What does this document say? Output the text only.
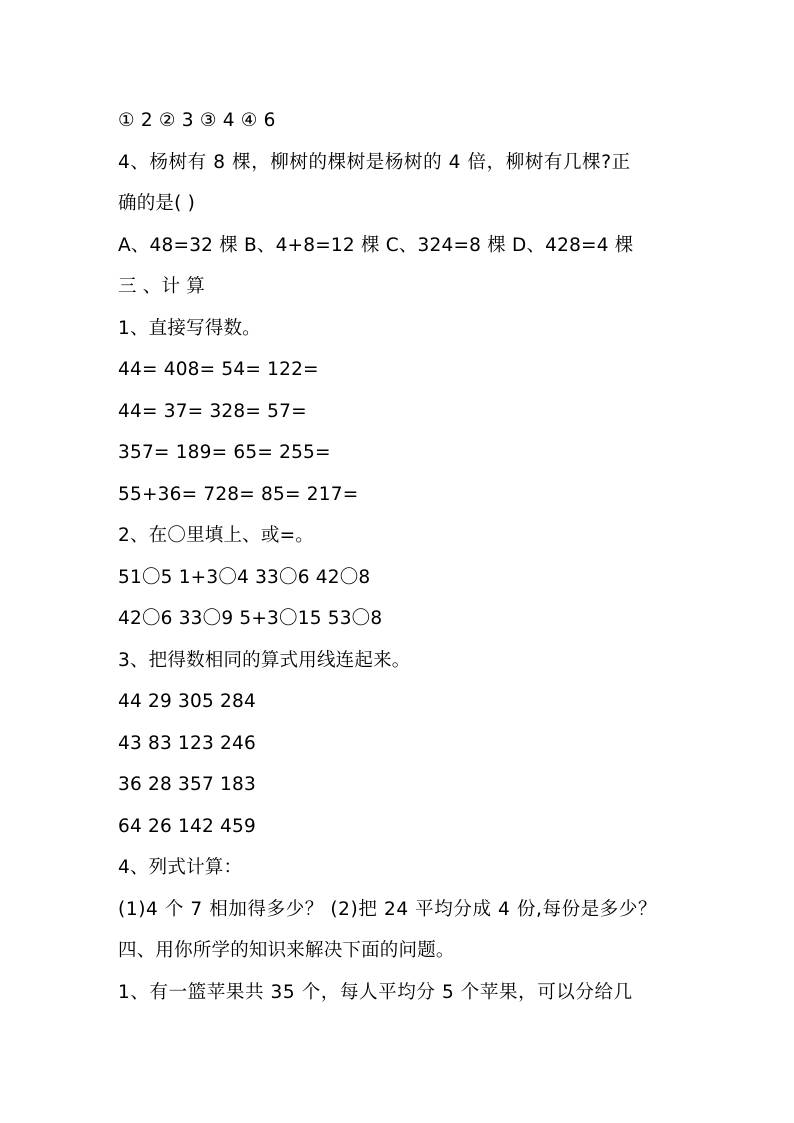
① 2 ② 3 ③ 4 ④ 6
4、杨树有 8 棵，柳树的棵树是杨树的 4 倍，柳树有几棵?正
确的是( )
A、48=32 棵 B、4+8=12 棵 C、324=8 棵 D、428=4 棵
三 、计 算
1、直接写得数。
44= 408= 54= 122=
44= 37= 328= 57=
357= 189= 65= 255=
55+36= 728= 85= 217=
2、在〇里填上、或=。
51〇5 1+3〇4 33〇6 42〇8
42〇6 33〇9 5+3〇15 53〇8
3、把得数相同的算式用线连起来。
44 29 305 284
43 83 123 246
36 28 357 183
64 26 142 459
4、列式计算：
(1)4 个 7 相加得多少？ (2)把 24 平均分成 4 份,每份是多少？
四、用你所学的知识来解决下面的问题。
1、有一篮苹果共 35 个，每人平均分 5 个苹果，可以分给几
